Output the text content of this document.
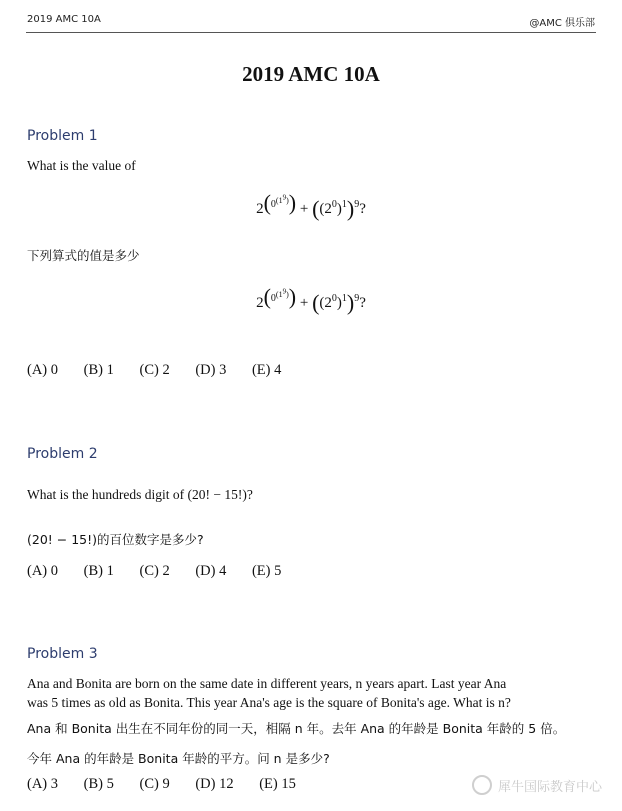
2019 AMC 10A	@AMC 俱乐部
2019 AMC 10A
Problem 1
What is the value of
$2^{(0^{(1^9)})} + ((2^0)^1)^9$?
下列算式的值是多少
$2^{(0^{(1^9)})} + ((2^0)^1)^9$?
(A) 0 (B) 1 (C) 2 (D) 3 (E) 4
Problem 2
What is the hundreds digit of (20! − 15!)?
(20! − 15!)的百位数字是多少?
(A) 0 (B) 1 (C) 2 (D) 4 (E) 5
Problem 3
Ana and Bonita are born on the same date in different years, n years apart. Last year Ana
was 5 times as old as Bonita. This year Ana's age is the square of Bonita's age. What is n?
Ana 和 Bonita 出生在不同年份的同一天，相隔 n 年。去年 Ana 的年龄是 Bonita 年龄的 5 倍。
今年 Ana 的年龄是 Bonita 年龄的平方。问 n 是多少?
(A) 3 (B) 5 (C) 9 (D) 12 (E) 15	犀牛国际教育中心
